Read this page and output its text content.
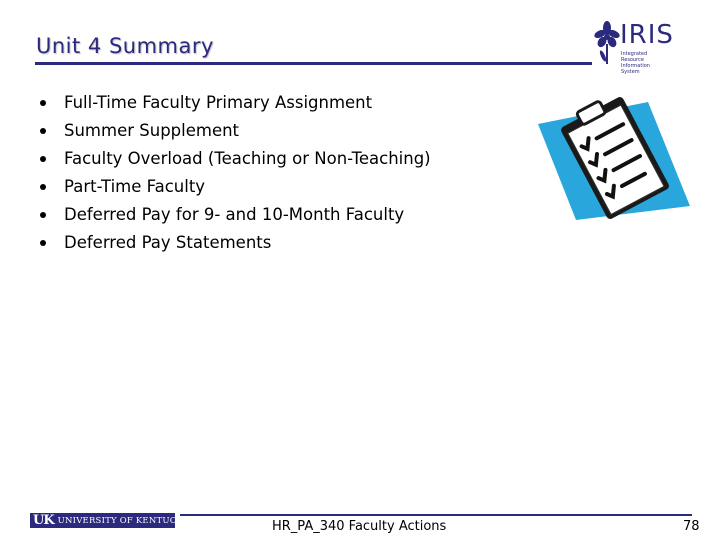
Unit 4 Summary	IRIS
Integrated Resource Information System
Full-Time Faculty Primary Assignment
Summer Supplement
Faculty Overload (Teaching or Non-Teaching)
Part-Time Faculty
Deferred Pay for 9- and 10-Month Faculty
Deferred Pay Statements
UK UNIVERSITY OF KENTUCKY	HR_PA_340 Faculty Actions	78
